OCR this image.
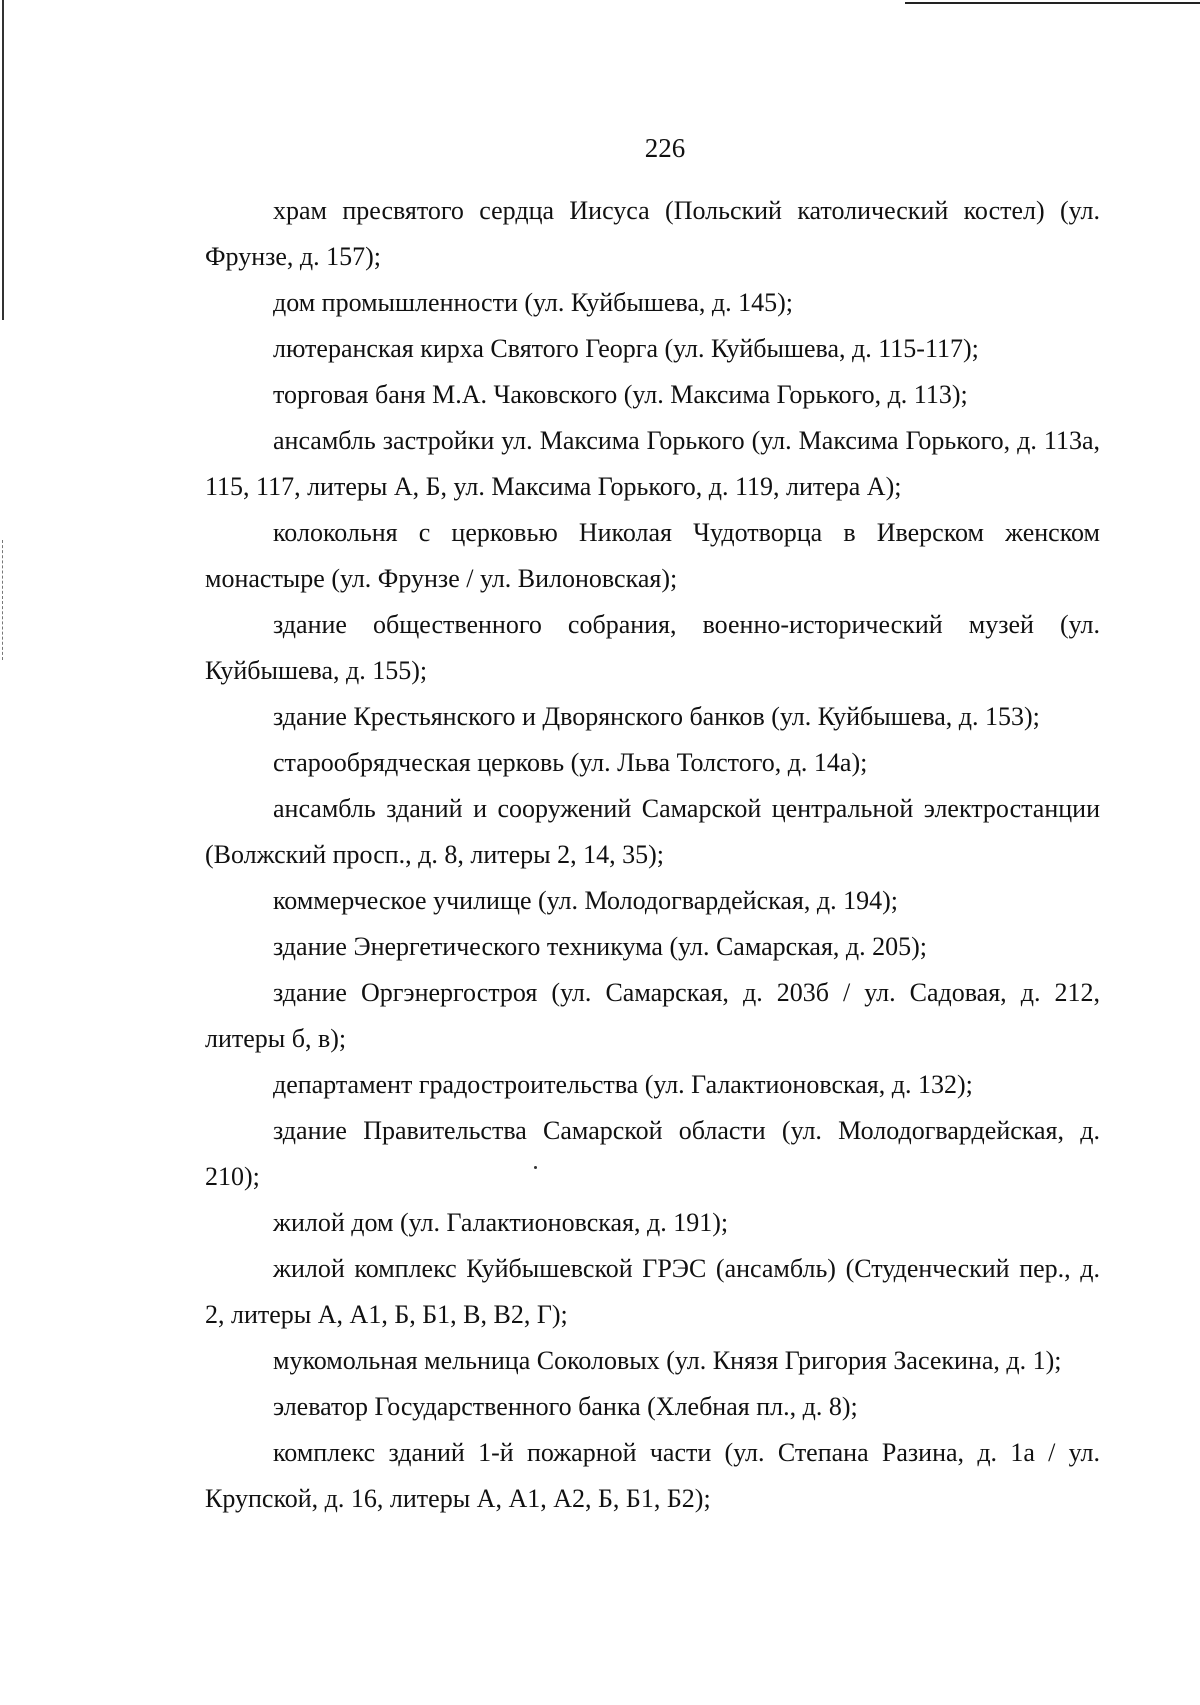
226

храм пресвятого сердца Иисуса (Польский католический костел) (ул. Фрунзе, д. 157);

дом промышленности (ул. Куйбышева, д. 145);

лютеранская кирха Святого Георга (ул. Куйбышева, д. 115-117);

торговая баня М.А. Чаковского (ул. Максима Горького, д. 113);

ансамбль застройки ул. Максима Горького (ул. Максима Горького, д. 113а, 115, 117, литеры А, Б, ул. Максима Горького, д. 119, литера А);

колокольня с церковью Николая Чудотворца в Иверском женском монастыре (ул. Фрунзе / ул. Вилоновская);

здание общественного собрания, военно-исторический музей (ул. Куйбышева, д. 155);

здание Крестьянского и Дворянского банков (ул. Куйбышева, д. 153);

старообрядческая церковь (ул. Льва Толстого, д. 14а);

ансамбль зданий и сооружений Самарской центральной электростанции (Волжский просп., д. 8, литеры 2, 14, 35);

коммерческое училище (ул. Молодогвардейская, д. 194);

здание Энергетического техникума (ул. Самарская, д. 205);

здание Оргэнергостроя (ул. Самарская, д. 203б / ул. Садовая, д. 212, литеры б, в);

департамент градостроительства (ул. Галактионовская, д. 132);

здание Правительства Самарской области (ул. Молодогвардейская, д. 210);

жилой дом (ул. Галактионовская, д. 191);

жилой комплекс Куйбышевской ГРЭС (ансамбль) (Студенческий пер., д. 2, литеры А, А1, Б, Б1, В, В2, Г);

мукомольная мельница Соколовых (ул. Князя Григория Засекина, д. 1);

элеватор Государственного банка (Хлебная пл., д. 8);

комплекс зданий 1-й пожарной части (ул. Степана Разина, д. 1а / ул. Крупской, д. 16, литеры А, А1, А2, Б, Б1, Б2);
